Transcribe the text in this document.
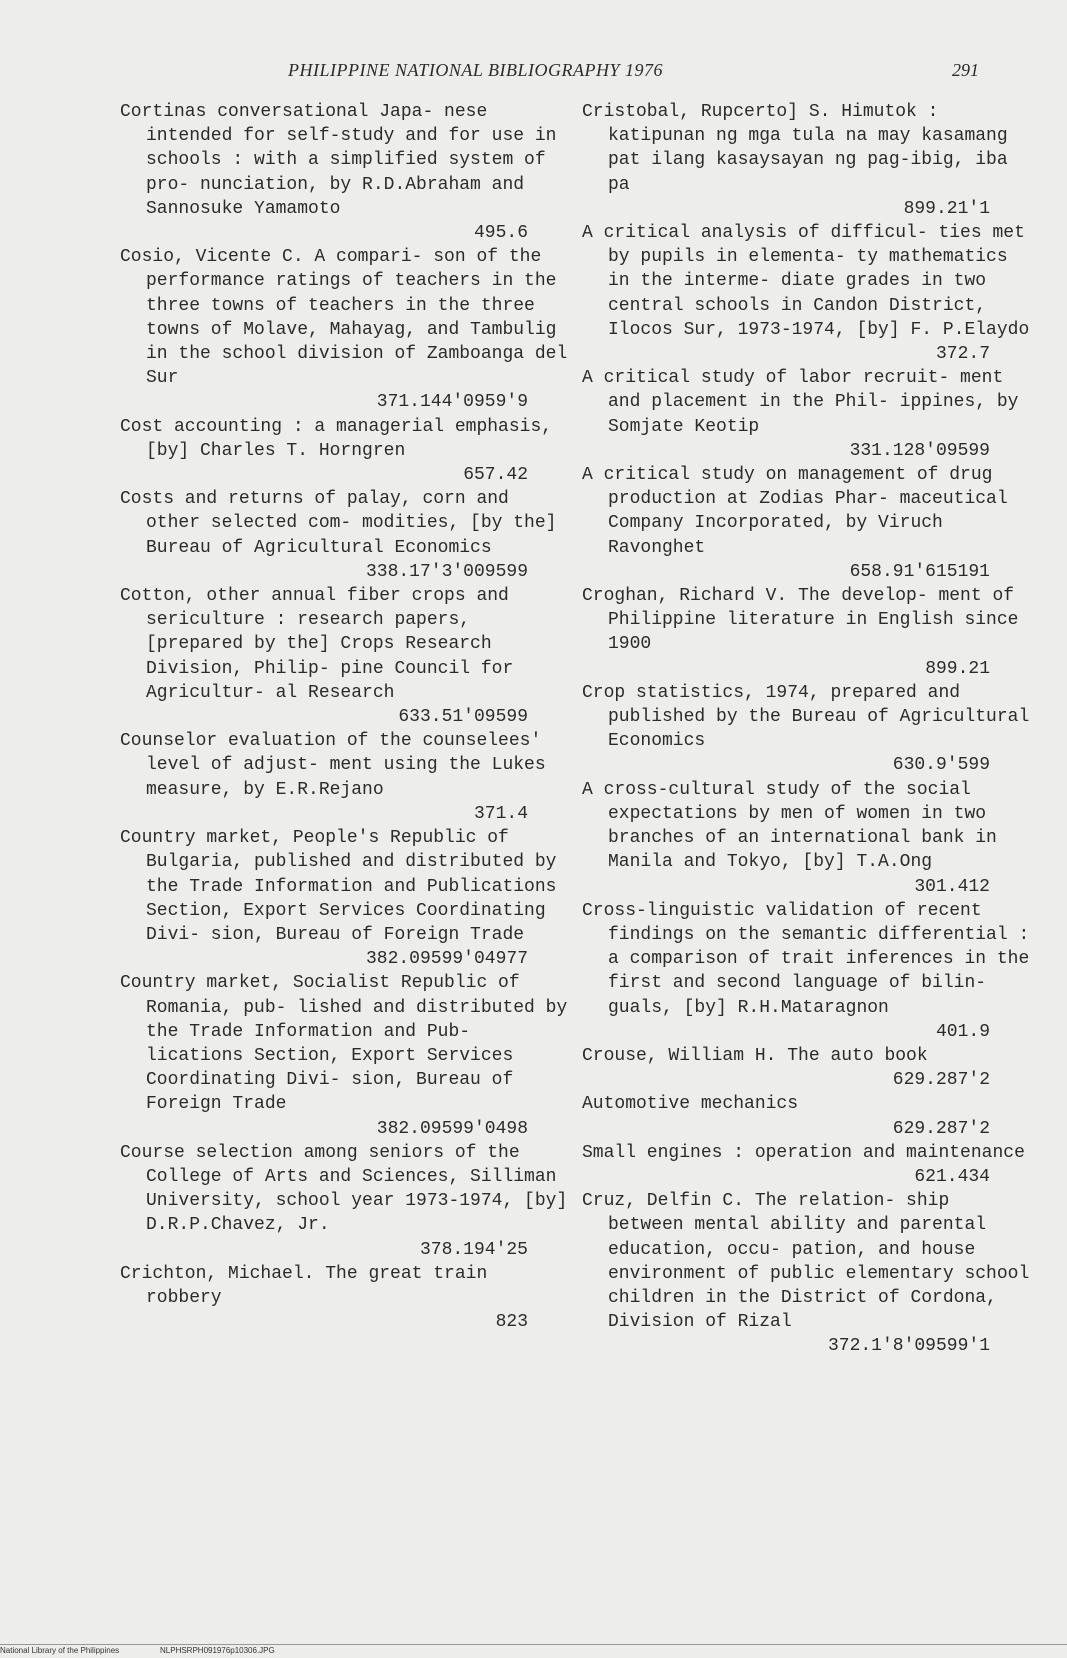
PHILIPPINE NATIONAL BIBLIOGRAPHY 1976	291

Cortinas conversational Japa- nese intended for self-study and for use in schools : with a simplified system of pro- nunciation, by R.D.Abraham and Sannosuke Yamamoto
495.6

Cosio, Vicente C. A compari- son of the performance ratings of teachers in the three towns of teachers in the three towns of Molave, Mahayag, and Tambulig in the school division of Zamboanga del Sur
371.144'0959'9

Cost accounting : a managerial emphasis, [by] Charles T. Horngren
657.42

Costs and returns of palay, corn and other selected com- modities, [by the] Bureau of Agricultural Economics
338.17'3'009599

Cotton, other annual fiber crops and sericulture : research papers, [prepared by the] Crops Research Division, Philip- pine Council for Agricultur- al Research
633.51'09599

Counselor evaluation of the counselees' level of adjust- ment using the Lukes measure, by E.R.Rejano
371.4

Country market, People's Republic of Bulgaria, published and distributed by the Trade Information and Publications Section, Export Services Coordinating Divi- sion, Bureau of Foreign Trade
382.09599'04977

Country market, Socialist Republic of Romania, pub- lished and distributed by the Trade Information and Pub- lications Section, Export Services Coordinating Divi- sion, Bureau of Foreign Trade
382.09599'0498

Course selection among seniors of the College of Arts and Sciences, Silliman University, school year 1973-1974, [by] D.R.P.Chavez, Jr.
378.194'25

Crichton, Michael. The great train robbery
823

Cristobal, Rupcerto] S. Himutok : katipunan ng mga tula na may kasamang pat ilang kasaysayan ng pag-ibig, iba pa
899.21'1

A critical analysis of difficul- ties met by pupils in elementa- ty mathematics in the interme- diate grades in two central schools in Candon District, Ilocos Sur, 1973-1974, [by] F. P.Elaydo
372.7

A critical study of labor recruit- ment and placement in the Phil- ippines, by Somjate Keotip
331.128'09599

A critical study on management of drug production at Zodias Phar- maceutical Company Incorporated, by Viruch Ravonghet
658.91'615191

Croghan, Richard V. The develop- ment of Philippine literature in English since 1900
899.21

Crop statistics, 1974, prepared and published by the Bureau of Agricultural Economics
630.9'599

A cross-cultural study of the social expectations by men of women in two branches of an international bank in Manila and Tokyo, [by] T.A.Ong
301.412

Cross-linguistic validation of recent findings on the semantic differential : a comparison of trait inferences in the first and second language of bilin- guals, [by] R.H.Mataragnon
401.9

Crouse, William H. The auto book
629.287'2

Automotive mechanics
629.287'2

Small engines : operation and maintenance
621.434

Cruz, Delfin C. The relation- ship between mental ability and parental education, occu- pation, and house environment of public elementary school children in the District of Cordona, Division of Rizal
372.1'8'09599'1

National Library of the Philippines	NLPHSRPH091976p10306.JPG
